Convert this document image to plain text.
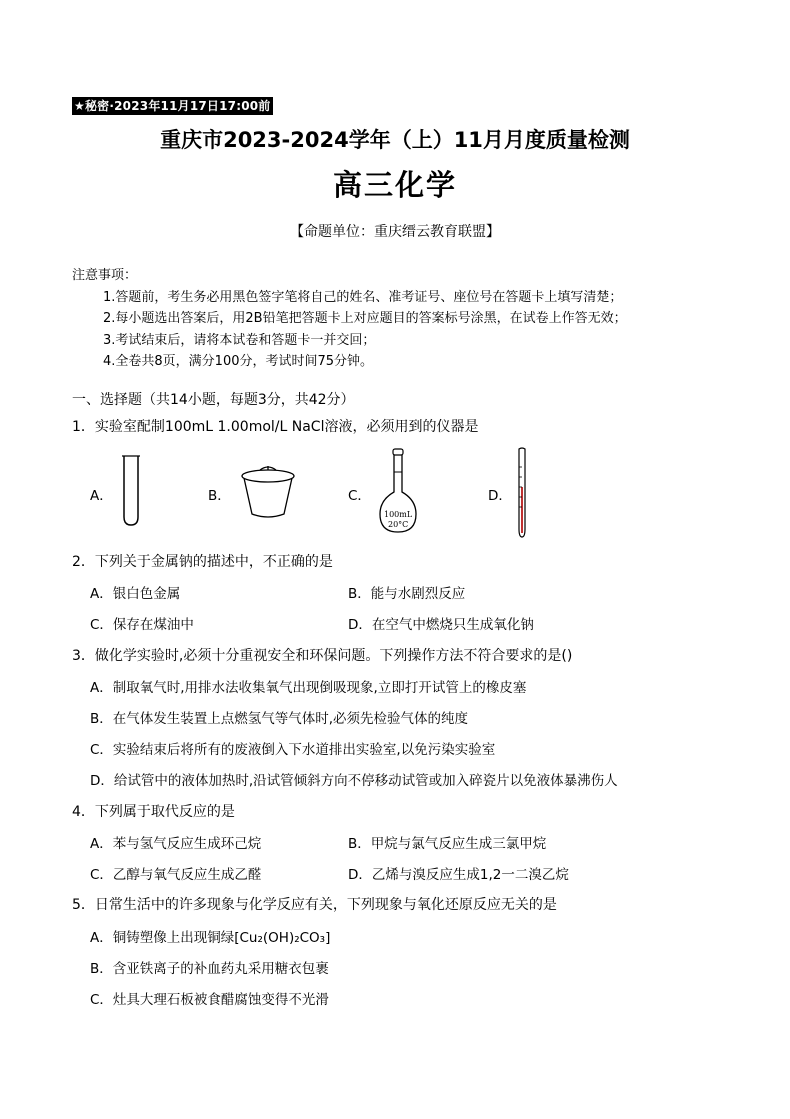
★秘密·2023年11月17日17:00前
重庆市2023-2024学年（上）11月月度质量检测
高三化学
【命题单位：重庆缙云教育联盟】
注意事项：
1.答题前，考生务必用黑色签字笔将自己的姓名、准考证号、座位号在答题卡上填写清楚；
2.每小题选出答案后，用2B铅笔把答题卡上对应题目的答案标号涂黑，在试卷上作答无效；
3.考试结束后，请将本试卷和答题卡一并交回；
4.全卷共8页，满分100分，考试时间75分钟。
一、选择题（共14小题，每题3分，共42分）
1．实验室配制100mL 1.00mol/L NaCl溶液，必须用到的仪器是
A．	B．	C．
100mL
20°C
D．
2．下列关于金属钠的描述中，不正确的是
A．银白色金属	B．能与水剧烈反应
C．保存在煤油中	D．在空气中燃烧只生成氧化钠
3．做化学实验时,必须十分重视安全和环保问题。下列操作方法不符合要求的是()
A．制取氧气时,用排水法收集氧气出现倒吸现象,立即打开试管上的橡皮塞
B．在气体发生装置上点燃氢气等气体时,必须先检验气体的纯度
C．实验结束后将所有的废液倒入下水道排出实验室,以免污染实验室
D．给试管中的液体加热时,沿试管倾斜方向不停移动试管或加入碎瓷片以免液体暴沸伤人
4．下列属于取代反应的是
A．苯与氢气反应生成环己烷	B．甲烷与氯气反应生成三氯甲烷
C．乙醇与氧气反应生成乙醛	D．乙烯与溴反应生成1,2一二溴乙烷
5．日常生活中的许多现象与化学反应有关，下列现象与氧化还原反应无关的是
A．铜铸塑像上出现铜绿[Cu₂(OH)₂CO₃]
B．含亚铁离子的补血药丸采用糖衣包裹
C．灶具大理石板被食醋腐蚀变得不光滑
